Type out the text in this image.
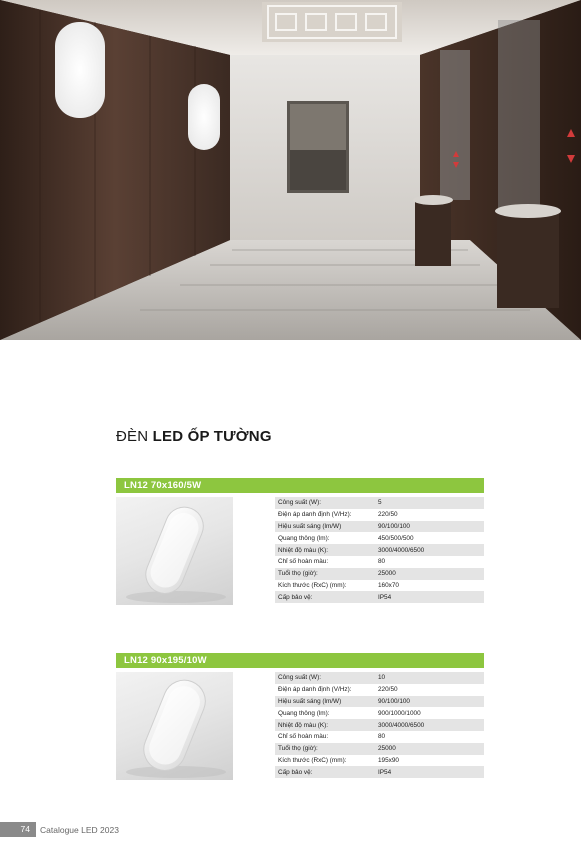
ĐÈN LED ỐP TƯỜNG
LN12 70x160/5W
Công suất (W):	5
Điện áp danh định (V/Hz):	220/50
Hiệu suất sáng (lm/W)	90/100/100
Quang thông (lm):	450/500/500
Nhiệt độ màu (K):	3000/4000/6500
Chỉ số hoàn màu:	80
Tuổi thọ (giờ):	25000
Kích thước (RxC) (mm):	160x70
Cấp bảo vệ:	IP54
LN12 90x195/10W
Công suất (W):	10
Điện áp danh định (V/Hz):	220/50
Hiệu suất sáng (lm/W)	90/100/100
Quang thông (lm):	900/1000/1000
Nhiệt độ màu (K):	3000/4000/6500
Chỉ số hoàn màu:	80
Tuổi thọ (giờ):	25000
Kích thước (RxC) (mm):	195x90
Cấp bảo vệ:	IP54
74	Catalogue LED 2023
